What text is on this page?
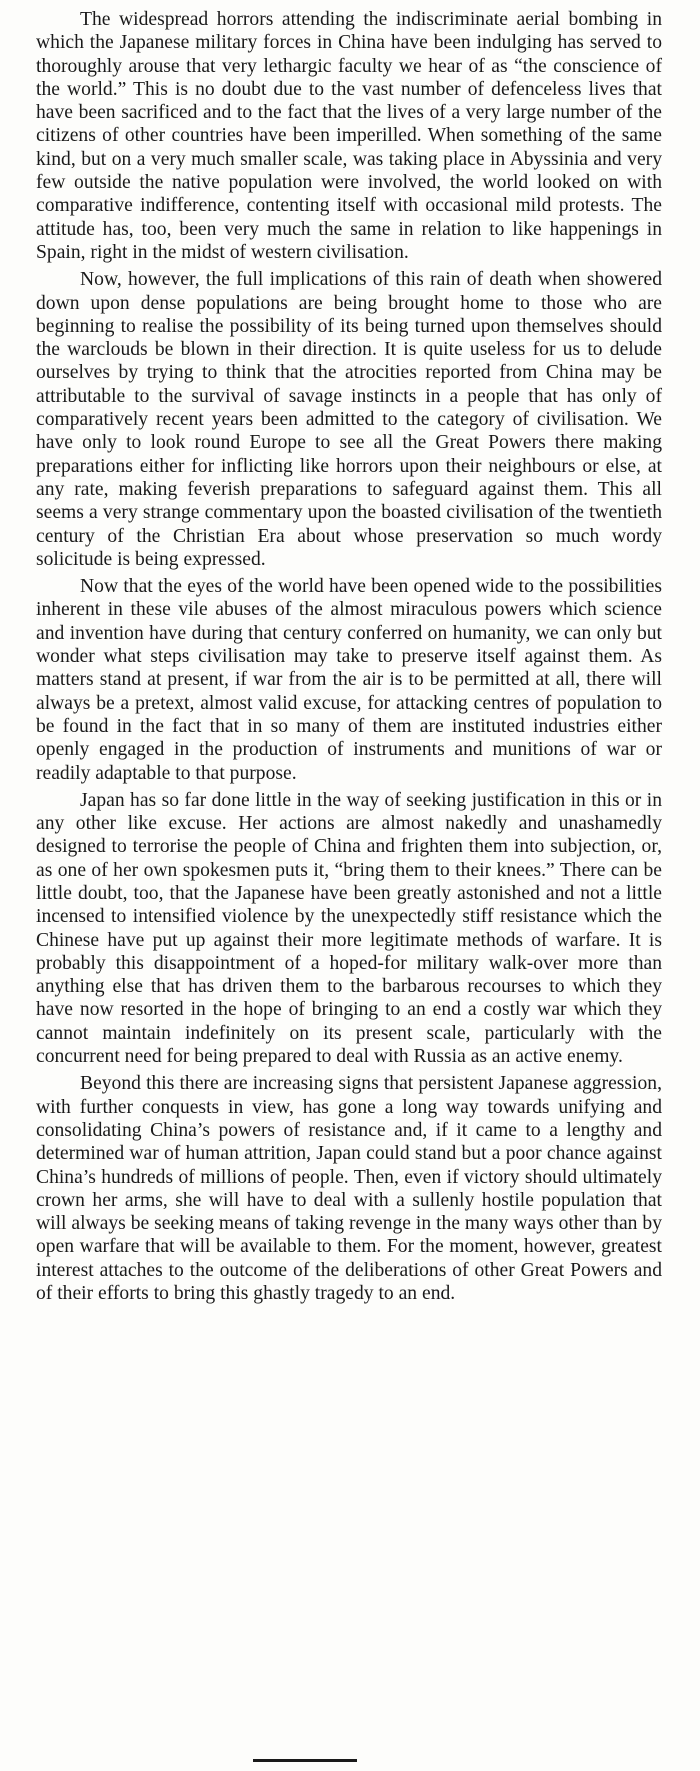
The widespread horrors attending the indiscriminate aerial bombing in which the Japanese military forces in China have been indulging has served to thoroughly arouse that very lethargic faculty we hear of as “the conscience of the world.” This is no doubt due to the vast number of defenceless lives that have been sacrificed and to the fact that the lives of a very large number of the citizens of other countries have been imperilled. When something of the same kind, but on a very much smaller scale, was taking place in Abyssinia and very few outside the native population were involved, the world looked on with comparative indifference, contenting itself with occasional mild protests. The attitude has, too, been very much the same in relation to like happenings in Spain, right in the midst of western civilisation.

Now, however, the full implications of this rain of death when showered down upon dense populations are being brought home to those who are beginning to realise the possibility of its being turned upon themselves should the warclouds be blown in their direction. It is quite useless for us to delude ourselves by trying to think that the atrocities reported from China may be attributable to the survival of savage instincts in a people that has only of comparatively recent years been admitted to the category of civilisation. We have only to look round Europe to see all the Great Powers there making preparations either for inflicting like horrors upon their neighbours or else, at any rate, making feverish preparations to safeguard against them. This all seems a very strange commentary upon the boasted civilisation of the twentieth century of the Christian Era about whose preservation so much wordy solicitude is being expressed.

Now that the eyes of the world have been opened wide to the possibilities inherent in these vile abuses of the almost miraculous powers which science and invention have during that century conferred on humanity, we can only but wonder what steps civilisation may take to preserve itself against them. As matters stand at present, if war from the air is to be permitted at all, there will always be a pretext, almost valid excuse, for attacking centres of population to be found in the fact that in so many of them are instituted industries either openly engaged in the production of instruments and munitions of war or readily adaptable to that purpose.

Japan has so far done little in the way of seeking justification in this or in any other like excuse. Her actions are almost nakedly and unashamedly designed to terrorise the people of China and frighten them into subjection, or, as one of her own spokesmen puts it, “bring them to their knees.” There can be little doubt, too, that the Japanese have been greatly astonished and not a little incensed to intensified violence by the unexpectedly stiff resistance which the Chinese have put up against their more legitimate methods of warfare. It is probably this disappointment of a hoped-for military walk-over more than anything else that has driven them to the barbarous recourses to which they have now resorted in the hope of bringing to an end a costly war which they cannot maintain indefinitely on its present scale, particularly with the concurrent need for being prepared to deal with Russia as an active enemy.

Beyond this there are increasing signs that persistent Japanese aggression, with further conquests in view, has gone a long way towards unifying and consolidating China’s powers of resistance and, if it came to a lengthy and determined war of human attrition, Japan could stand but a poor chance against China’s hundreds of millions of people. Then, even if victory should ultimately crown her arms, she will have to deal with a sullenly hostile population that will always be seeking means of taking revenge in the many ways other than by open warfare that will be available to them. For the moment, however, greatest interest attaches to the outcome of the deliberations of other Great Powers and of their efforts to bring this ghastly tragedy to an end.
